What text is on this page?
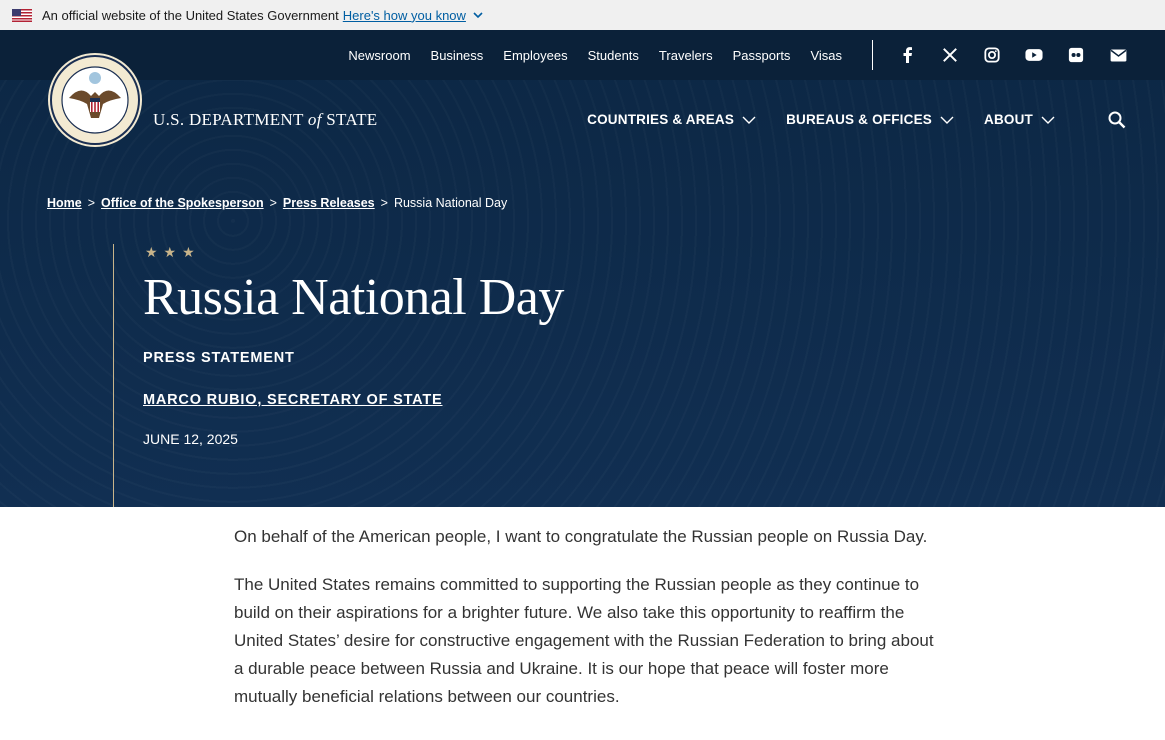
An official website of the United States Government Here's how you know
Newsroom Business Employees Students Travelers Passports Visas
U.S. DEPARTMENT of STATE	COUNTRIES & AREAS	BUREAUS & OFFICES	ABOUT
Home > Office of the Spokesperson > Press Releases > Russia National Day
★★★
Russia National Day
PRESS STATEMENT
MARCO RUBIO, SECRETARY OF STATE
JUNE 12, 2025

On behalf of the American people, I want to congratulate the Russian people on Russia Day.

The United States remains committed to supporting the Russian people as they continue to build on their aspirations for a brighter future. We also take this opportunity to reaffirm the United States’ desire for constructive engagement with the Russian Federation to bring about a durable peace between Russia and Ukraine. It is our hope that peace will foster more mutually beneficial relations between our countries.
